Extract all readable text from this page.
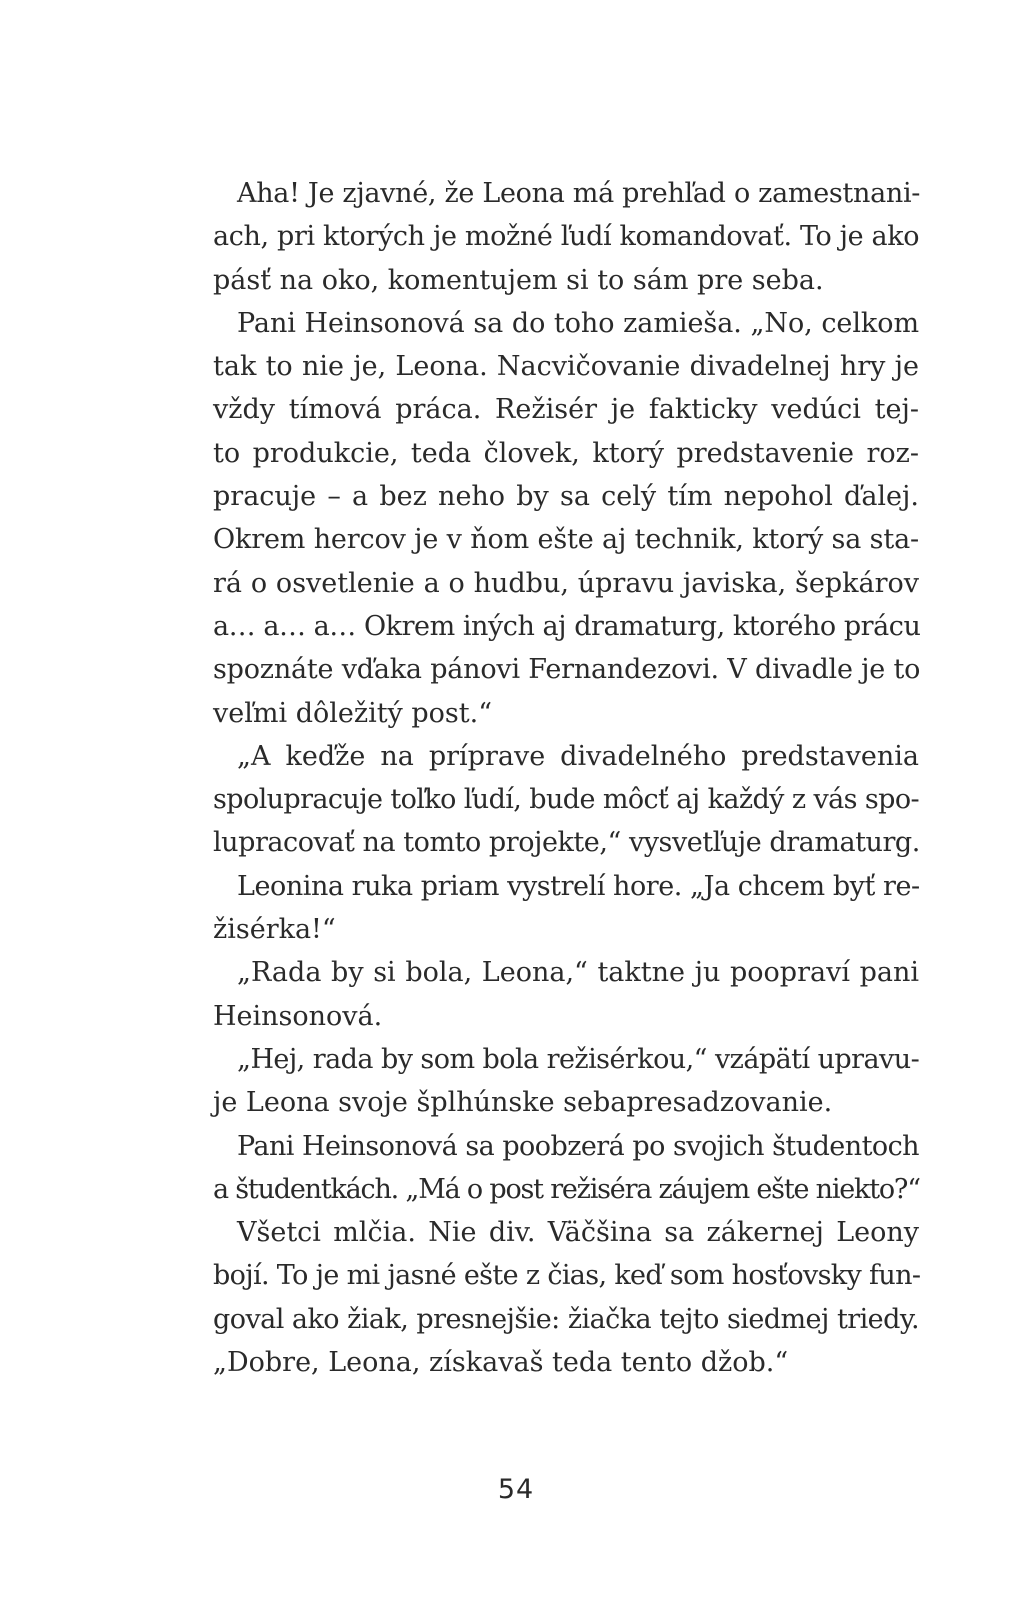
Aha! Je zjavné, že Leona má prehľad o zamestnani-
ach, pri ktorých je možné ľudí komandovať. To je ako
pásť na oko, komentujem si to sám pre seba.
Pani Heinsonová sa do toho zamieša. „No, celkom
tak to nie je, Leona. Nacvičovanie divadelnej hry je
vždy tímová práca. Režisér je fakticky vedúci tej-
to produkcie, teda človek, ktorý predstavenie roz-
pracuje – a bez neho by sa celý tím nepohol ďalej.
Okrem hercov je v ňom ešte aj technik, ktorý sa sta-
rá o osvetlenie a o hudbu, úpravu javiska, šepkárov
a… a… a… Okrem iných aj dramaturg, ktorého prácu
spoznáte vďaka pánovi Fernandezovi. V divadle je to
veľmi dôležitý post.“
„A keďže na príprave divadelného predstavenia
spolupracuje toľko ľudí, bude môcť aj každý z vás spo-
lupracovať na tomto projekte,“ vysvetľuje dramaturg.
Leonina ruka priam vystrelí hore. „Ja chcem byť re-
žisérka!“
„Rada by si bola, Leona,“ taktne ju poopraví pani
Heinsonová.
„Hej, rada by som bola režisérkou,“ vzápätí upravu-
je Leona svoje šplhúnske sebapresadzovanie.
Pani Heinsonová sa poobzerá po svojich študentoch
a študentkách. „Má o post režiséra záujem ešte niekto?“
Všetci mlčia. Nie div. Väčšina sa zákernej Leony
bojí. To je mi jasné ešte z čias, keď som hosťovsky fun-
goval ako žiak, presnejšie: žiačka tejto siedmej triedy.
„Dobre, Leona, získavaš teda tento džob.“
54
